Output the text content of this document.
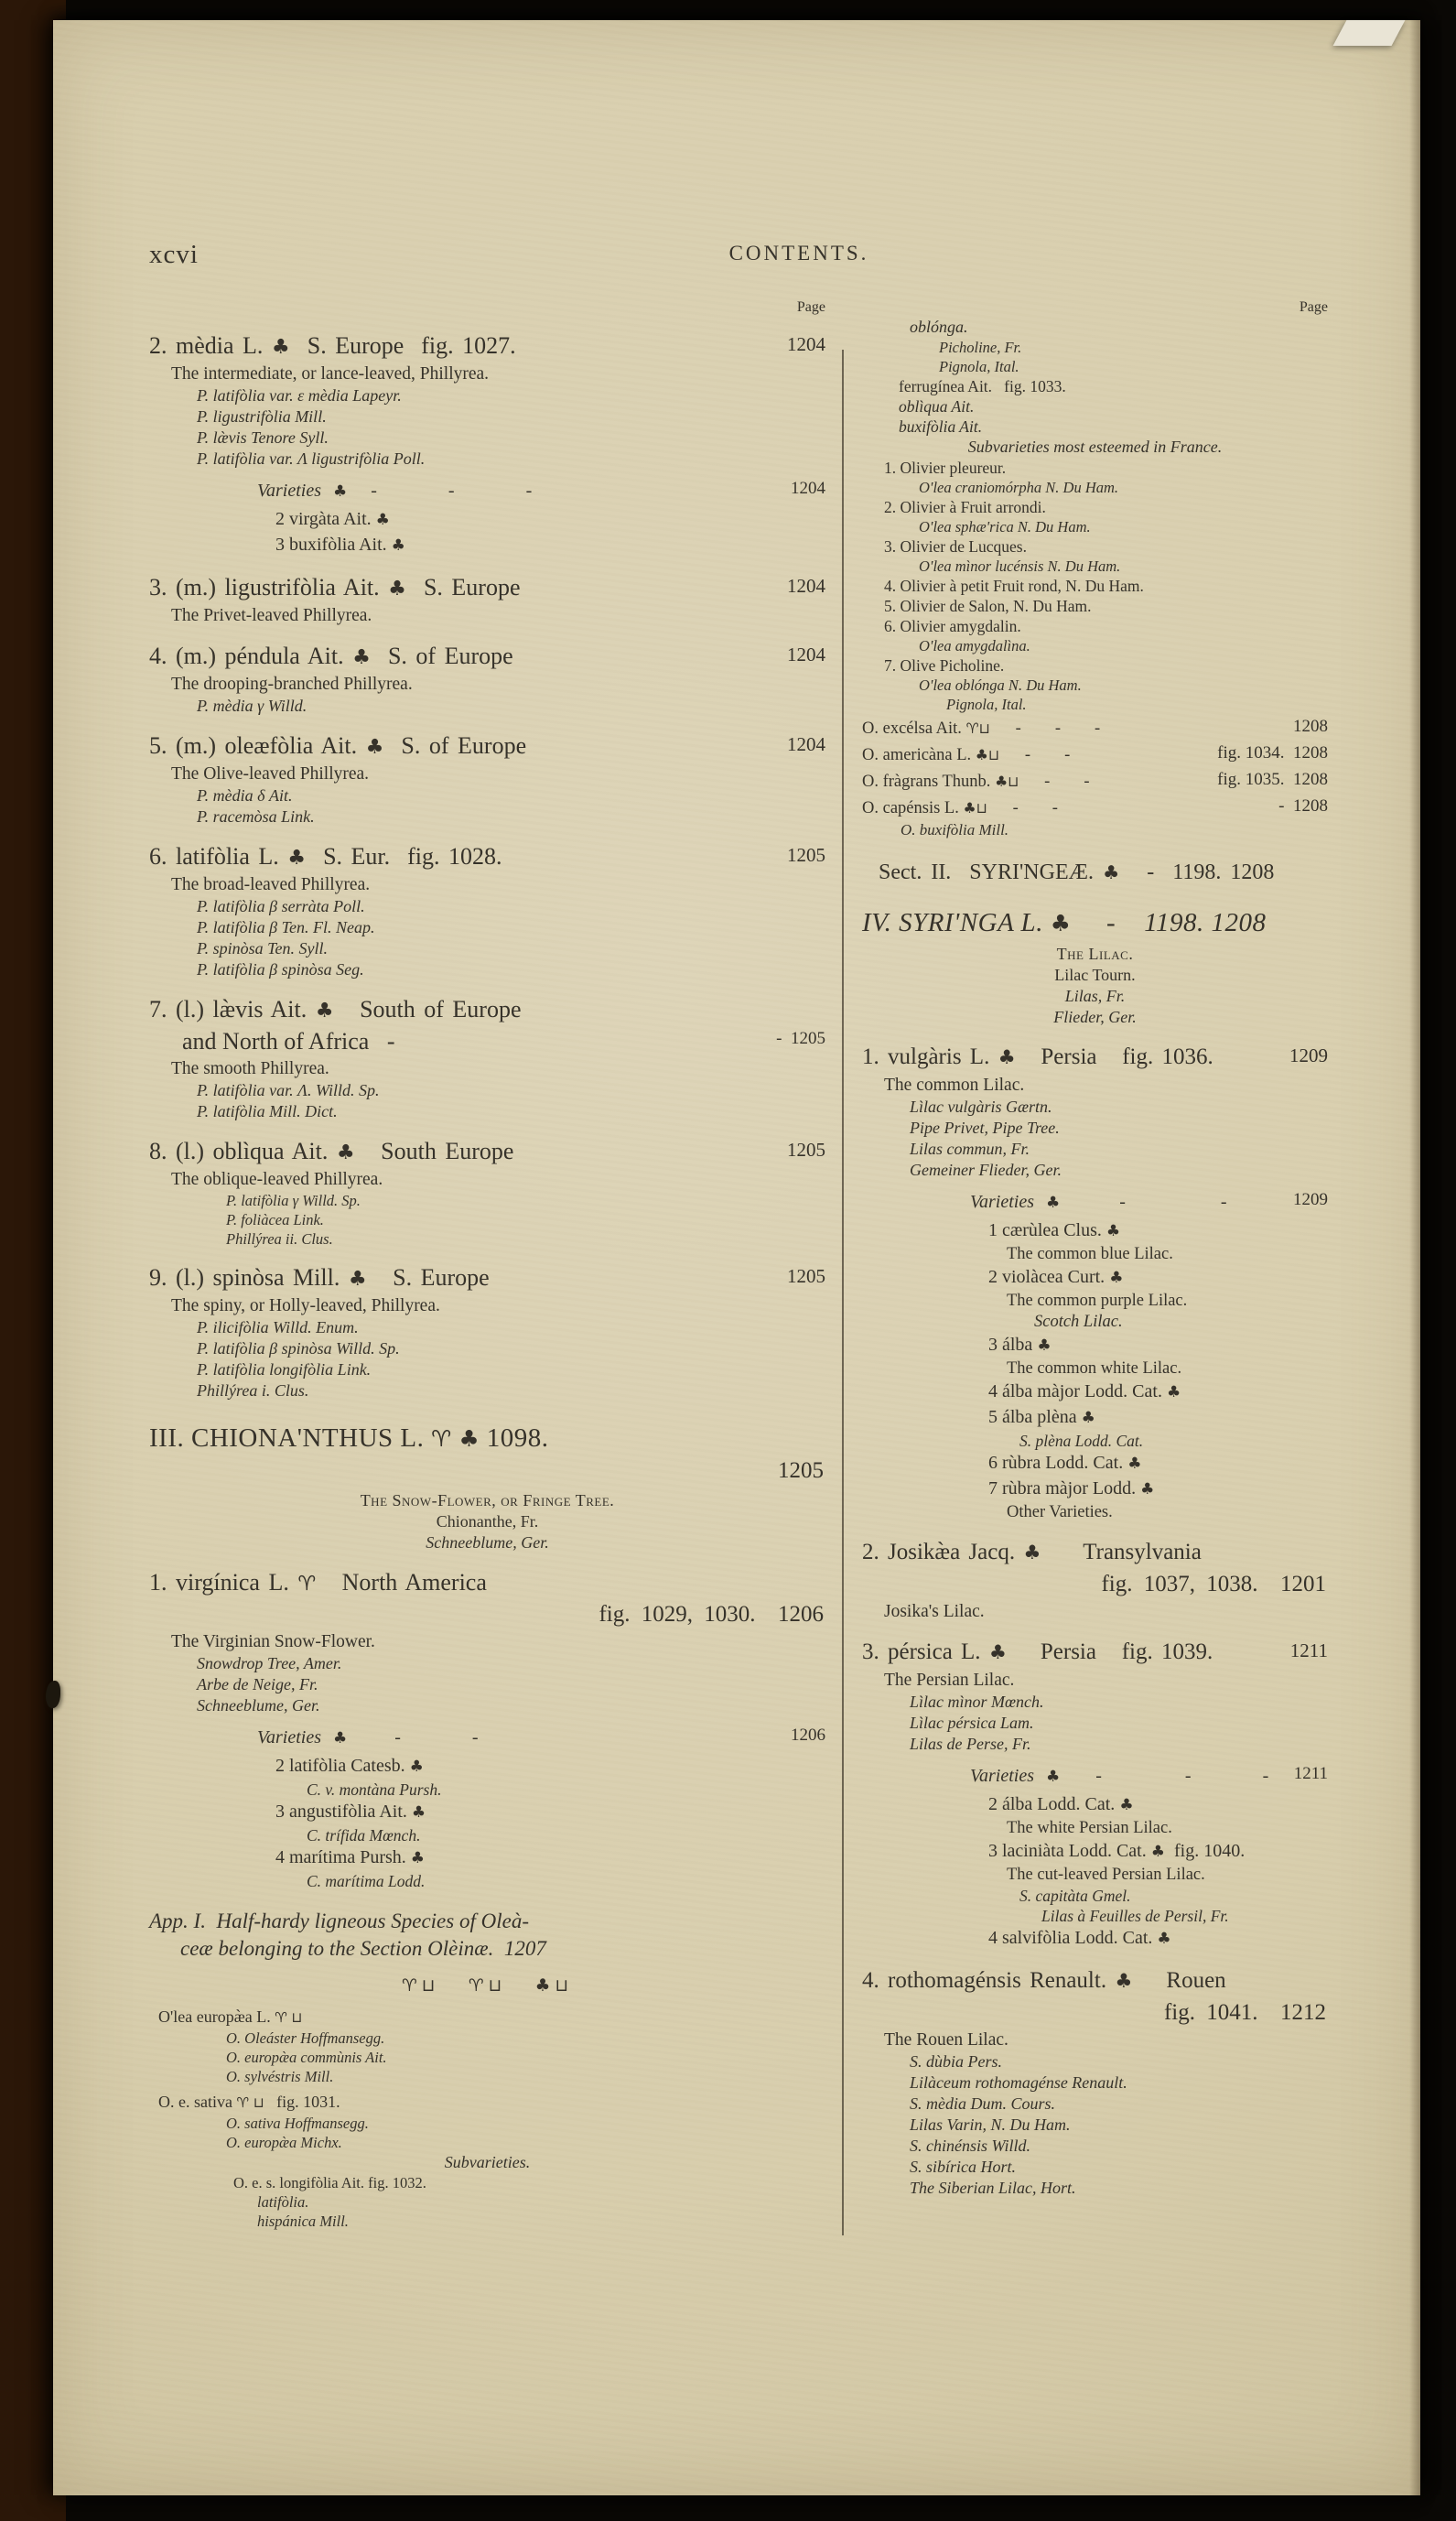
xcvi	CONTENTS.
Page
2. mèdia L. ♣  S. Europe  fig. 1027.	1204
The intermediate, or lance-leaved, Phillyrea.
P. latifòlia var. ε mèdia Lapeyr.
P. ligustrifòlia Mill.
P. læ̀vis Tenore Syll.
P. latifòlia var. Λ ligustrifòlia Poll.
Varieties ♣  -      -      -	1204
2 virgàta Ait. ♣
3 buxifòlia Ait. ♣
3. (m.) ligustrifòlia Ait. ♣  S. Europe	1204
The Privet-leaved Phillyrea.
4. (m.) péndula Ait. ♣  S. of Europe	1204
The drooping-branched Phillyrea.
P. mèdia γ Willd.
5. (m.) oleæfòlia Ait. ♣  S. of Europe	1204
The Olive-leaved Phillyrea.
P. mèdia δ Ait.
P. racemòsa Link.
6. latifòlia L. ♣  S. Eur.  fig. 1028.	1205
The broad-leaved Phillyrea.
P. latifòlia β serràta Poll.
P. latifòlia β Ten. Fl. Neap.
P. spinòsa Ten. Syll.
P. latifòlia β spinòsa Seg.
7. (l.) læ̀vis Ait. ♣   South of Europe
and North of Africa   -	-  1205
The smooth Phillyrea.
P. latifòlia var. Λ. Willd. Sp.
P. latifòlia Mill. Dict.
8. (l.) oblìqua Ait. ♣   South Europe	1205
The oblique-leaved Phillyrea.
P. latifòlia γ Willd. Sp.
P. foliàcea Link.
Phillýrea ii. Clus.
9. (l.) spinòsa Mill. ♣   S. Europe	1205
The spiny, or Holly-leaved, Phillyrea.
P. ilicifòlia Willd. Enum.
P. latifòlia β spinòsa Willd. Sp.
P. latifòlia longifòlia Link.
Phillýrea i. Clus.
III. CHIONA'NTHUS L. ♈ ♣ 1098.
1205
The Snow-Flower, or Fringe Tree.
Chionanthe, Fr.
Schneeblume, Ger.
1. virgínica L. ♈   North America
fig. 1029, 1030.  1206
The Virginian Snow-Flower.
Snowdrop Tree, Amer.
Arbe de Neige, Fr.
Schneeblume, Ger.
Varieties ♣    -      -	1206
2 latifòlia Catesb. ♣
C. v. montàna Pursh.
3 angustifòlia Ait. ♣
C. trífida Mœnch.
4 marítima Pursh. ♣
C. marítima Lodd.
App. I.  Half-hardy ligneous Species of Oleà-
ceæ belonging to the Section Olèinæ.  1207
♈⊔ ♈⊔ ♣⊔
O'lea europæ̀a L. ♈ ⊔
O. Oleáster Hoffmansegg.
O. europæ̀a commùnis Ait.
O. sylvéstris Mill.
O. e. sativa ♈ ⊔   fig. 1031.
O. sativa Hoffmansegg.
O. europæ̀a Michx.
Subvarieties.
O. e. s. longifòlia Ait. fig. 1032.
latifòlia.
hispánica Mill.
Page
oblónga.
Picholine, Fr.
Pignola, Ital.
ferrugínea Ait.   fig. 1033.
oblìqua Ait.
buxifòlia Ait.
Subvarieties most esteemed in France.
1. Olivier pleureur.
O'lea craniomórpha N. Du Ham.
2. Olivier à Fruit arrondi.
O'lea sphæ'rica N. Du Ham.
3. Olivier de Lucques.
O'lea mìnor lucénsis N. Du Ham.
4. Olivier à petit Fruit rond, N. Du Ham.
5. Olivier de Salon, N. Du Ham.
6. Olivier amygdalin.
O'lea amygdalìna.
7. Olive Picholine.
O'lea oblónga N. Du Ham.
Pignola, Ital.
O. excélsa Ait. ♈⊔      -        -        -	1208
O. americàna L. ♣⊔      -        -	fig. 1034.  1208
O. fràgrans Thunb. ♣⊔      -        -	fig. 1035.  1208
O. capénsis L. ♣⊔      -        -	-  1208
O. buxifòlia Mill.
Sect. II.  SYRI'NGEÆ. ♣   -  1198. 1208
IV. SYRI'NGA L. ♣     -    1198. 1208
The Lilac.
Lilac Tourn.
Lilas, Fr.
Flieder, Ger.
1. vulgàris L. ♣   Persia   fig. 1036.	1209
The common Lilac.
Lìlac vulgàris Gærtn.
Pipe Privet, Pipe Tree.
Lilas commun, Fr.
Gemeiner Flieder, Ger.
Varieties ♣     -        -	1209
1 cærùlea Clus. ♣
The common blue Lilac.
2 violàcea Curt. ♣
The common purple Lilac.
Scotch Lilac.
3 álba ♣
The common white Lilac.
4 álba màjor Lodd. Cat. ♣
5 álba plèna ♣
S. plèna Lodd. Cat.
6 rùbra Lodd. Cat. ♣
7 rùbra màjor Lodd. ♣
Other Varieties.
2. Josikæ̀a Jacq. ♣     Transylvania
fig. 1037, 1038.  1201
Josika's Lilac.
3. pérsica L. ♣    Persia   fig. 1039.	1211
The Persian Lilac.
Lìlac mìnor Mœnch.
Lìlac pérsica Lam.
Lilas de Perse, Fr.
Varieties ♣   -       -      - 1211
2 álba Lodd. Cat. ♣
The white Persian Lilac.
3 laciniàta Lodd. Cat. ♣  fig. 1040.
The cut-leaved Persian Lilac.
S. capitàta Gmel.
Lilas à Feuilles de Persil, Fr.
4 salvifòlia Lodd. Cat. ♣
4. rothomagénsis Renault. ♣    Rouen
fig. 1041.  1212
The Rouen Lilac.
S. dùbia Pers.
Lilàceum rothomagénse Renault.
S. mèdia Dum. Cours.
Lilas Varin, N. Du Ham.
S. chinénsis Willd.
S. sibírica Hort.
The Siberian Lilac, Hort.
